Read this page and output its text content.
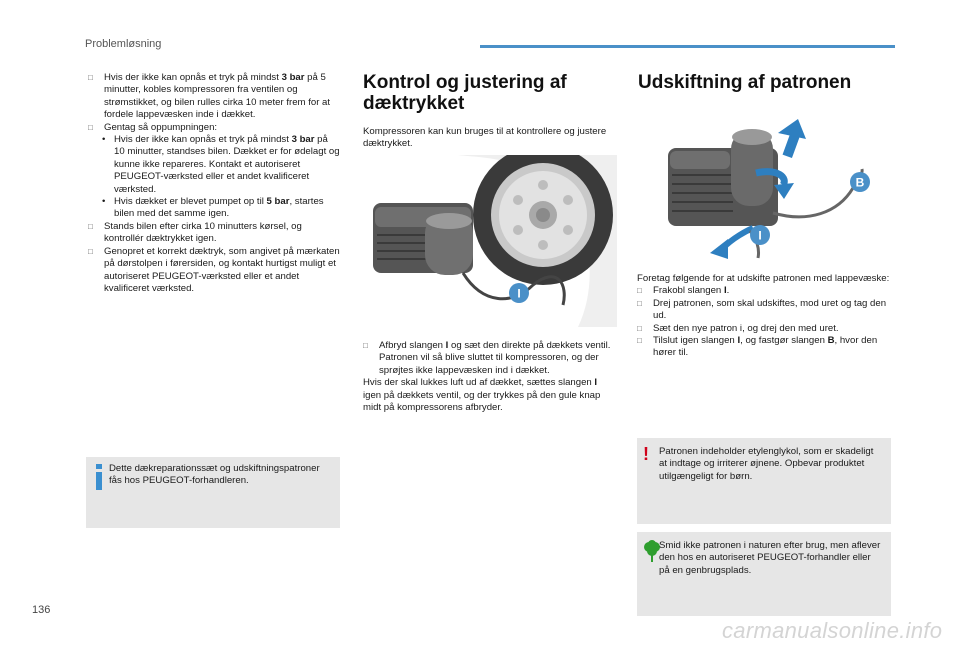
Problemløsning
□ Hvis der ikke kan opnås et tryk på mindst 3 bar på 5 minutter, kobles kompressoren fra ventilen og strømstikket, og bilen rulles cirka 10 meter frem for at fordele lappevæsken inde i dækket.
□ Gentag så oppumpningen:
• Hvis der ikke kan opnås et tryk på mindst 3 bar på 10 minutter, standses bilen. Dækket er for ødelagt og kunne ikke repareres. Kontakt et autoriseret PEUGEOT-værksted eller et andet kvalificeret værksted.
• Hvis dækket er blevet pumpet op til 5 bar, startes bilen med det samme igen.
□ Stands bilen efter cirka 10 minutters kørsel, og kontrollér dæktrykket igen.
□ Genopret et korrekt dæktryk, som angivet på mærkaten på dørstolpen i førersiden, og kontakt hurtigst muligt et autoriseret PEUGEOT-værksted eller et andet kvalificeret værksted.
Dette dækreparationssæt og udskiftningspatroner fås hos PEUGEOT-forhandleren.
Kontrol og justering af dæktrykket
Kompressoren kan kun bruges til at kontrollere og justere dæktrykket.
I
□ Afbryd slangen I og sæt den direkte på dækkets ventil. Patronen vil så blive sluttet til kompressoren, og der sprøjtes ikke lappevæsken ind i dækket.
Hvis der skal lukkes luft ud af dækket, sættes slangen I igen på dækkets ventil, og der trykkes på den gule knap midt på kompressorens afbryder.
Udskiftning af patronen
B
I
Foretag følgende for at udskifte patronen med lappevæske:
□ Frakobl slangen I.
□ Drej patronen, som skal udskiftes, mod uret og tag den ud.
□ Sæt den nye patron i, og drej den med uret.
□ Tilslut igen slangen I, og fastgør slangen B, hvor den hører til.
! Patronen indeholder etylenglykol, som er skadeligt at indtage og irriterer øjnene. Opbevar produktet utilgængeligt for børn.
Smid ikke patronen i naturen efter brug, men aflever den hos en autoriseret PEUGEOT-forhandler eller på en genbrugsplads.
136
carmanualsonline.info
